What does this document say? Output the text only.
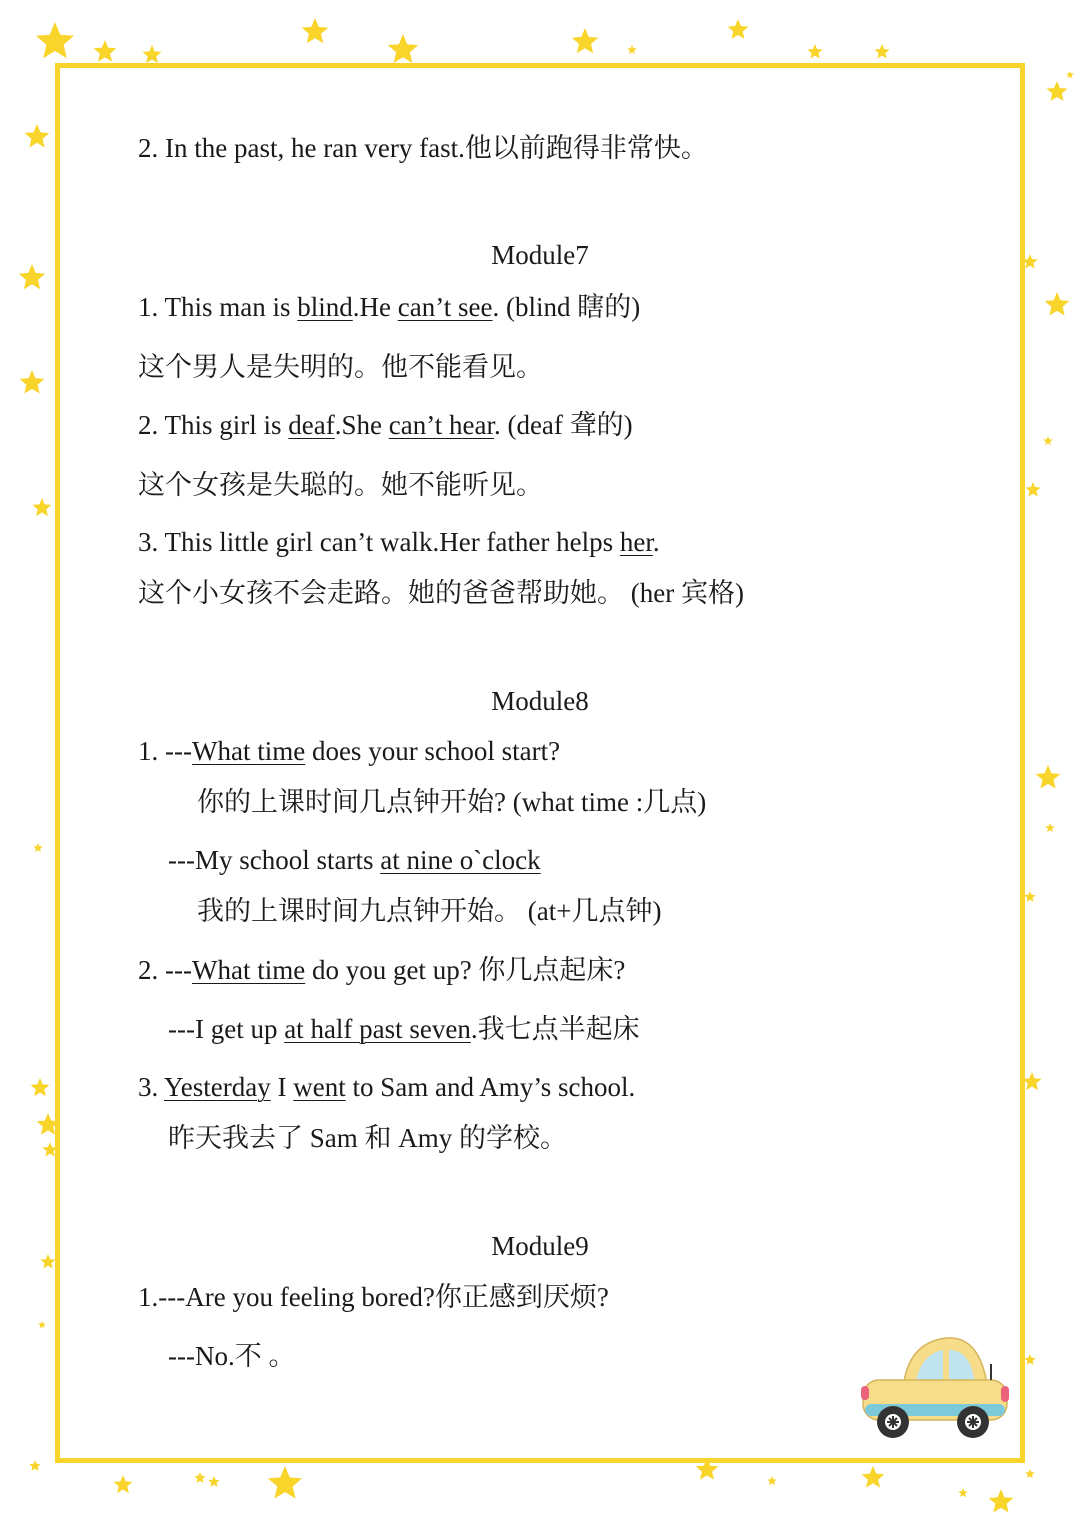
2. In the past, he ran very fast.他以前跑得非常快。
Module7
1. This man is blind.He can’t see. (blind 瞎的)
这个男人是失明的。他不能看见。
2. This girl is deaf.She can’t hear. (deaf 聋的)
这个女孩是失聪的。她不能听见。
3. This little girl can’t walk.Her father helps her.
这个小女孩不会走路。她的爸爸帮助她。 (her 宾格)
Module8
1. ---What time does your school start?
你的上课时间几点钟开始? (what time :几点)
---My school starts at nine o`clock
我的上课时间九点钟开始。 (at+几点钟)
2. ---What time do you get up? 你几点起床?
---I get up at half past seven.我七点半起床
3. Yesterday I went to Sam and Amy’s school.
昨天我去了 Sam 和 Amy 的学校。
Module9
1.---Are you feeling bored?你正感到厌烦?
---No.不 。
